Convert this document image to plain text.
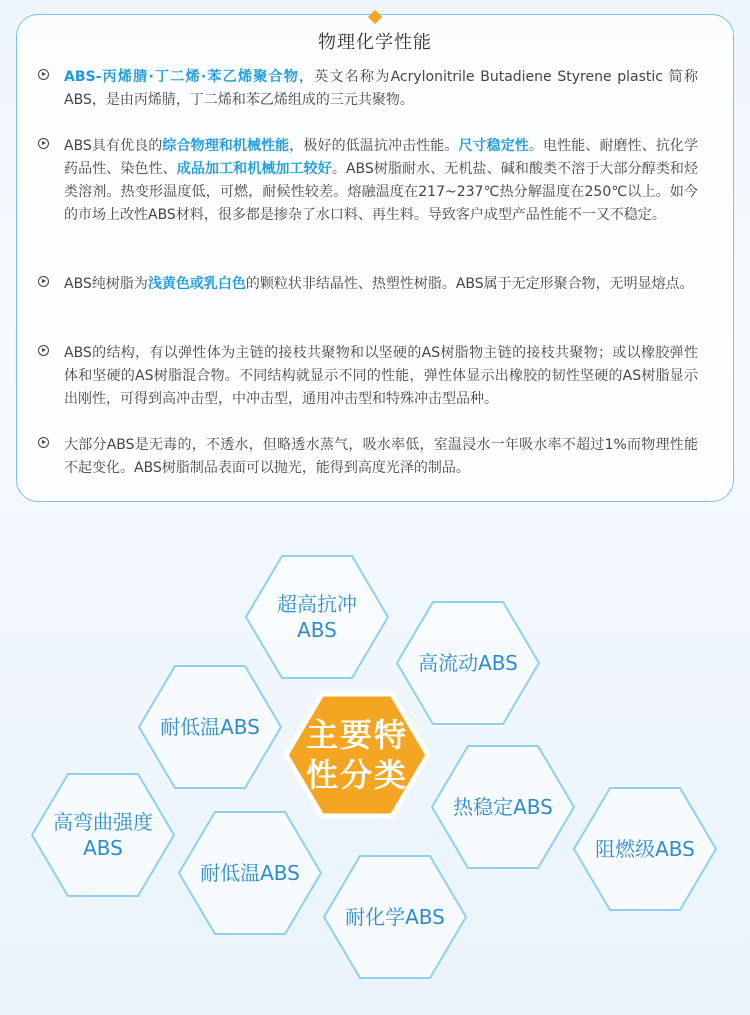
物理化学性能
ABS-丙烯腈·丁二烯·苯乙烯聚合物，英文名称为Acrylonitrile Butadiene Styrene plastic 简称ABS，是由丙烯腈，丁二烯和苯乙烯组成的三元共聚物。
ABS具有优良的综合物理和机械性能，极好的低温抗冲击性能。尺寸稳定性。电性能、耐磨性、抗化学药品性、染色性、成品加工和机械加工较好。ABS树脂耐水、无机盐、碱和酸类不溶于大部分醇类和烃类溶剂。热变形温度低，可燃，耐候性较差。熔融温度在217~237℃热分解温度在250℃以上。如今的市场上改性ABS材料，很多都是掺杂了水口料、再生料。导致客户成型产品性能不一又不稳定。
ABS纯树脂为浅黄色或乳白色的颗粒状非结晶性、热塑性树脂。ABS属于无定形聚合物，无明显熔点。
ABS的结构，有以弹性体为主链的接枝共聚物和以坚硬的AS树脂物主链的接枝共聚物；或以橡胶弹性体和坚硬的AS树脂混合物。不同结构就显示不同的性能，弹性体显示出橡胶的韧性坚硬的AS树脂显示出刚性，可得到高冲击型，中冲击型，通用冲击型和特殊冲击型品种。
大部分ABS是无毒的，不透水，但略透水蒸气，吸水率低，室温浸水一年吸水率不超过1%而物理性能不起变化。ABS树脂制品表面可以抛光，能得到高度光泽的制品。
主要特
性分类
超高抗冲
ABS
高流动ABS
耐低温ABS
热稳定ABS
高弯曲强度
ABS
耐低温ABS
阻燃级ABS
耐化学ABS
